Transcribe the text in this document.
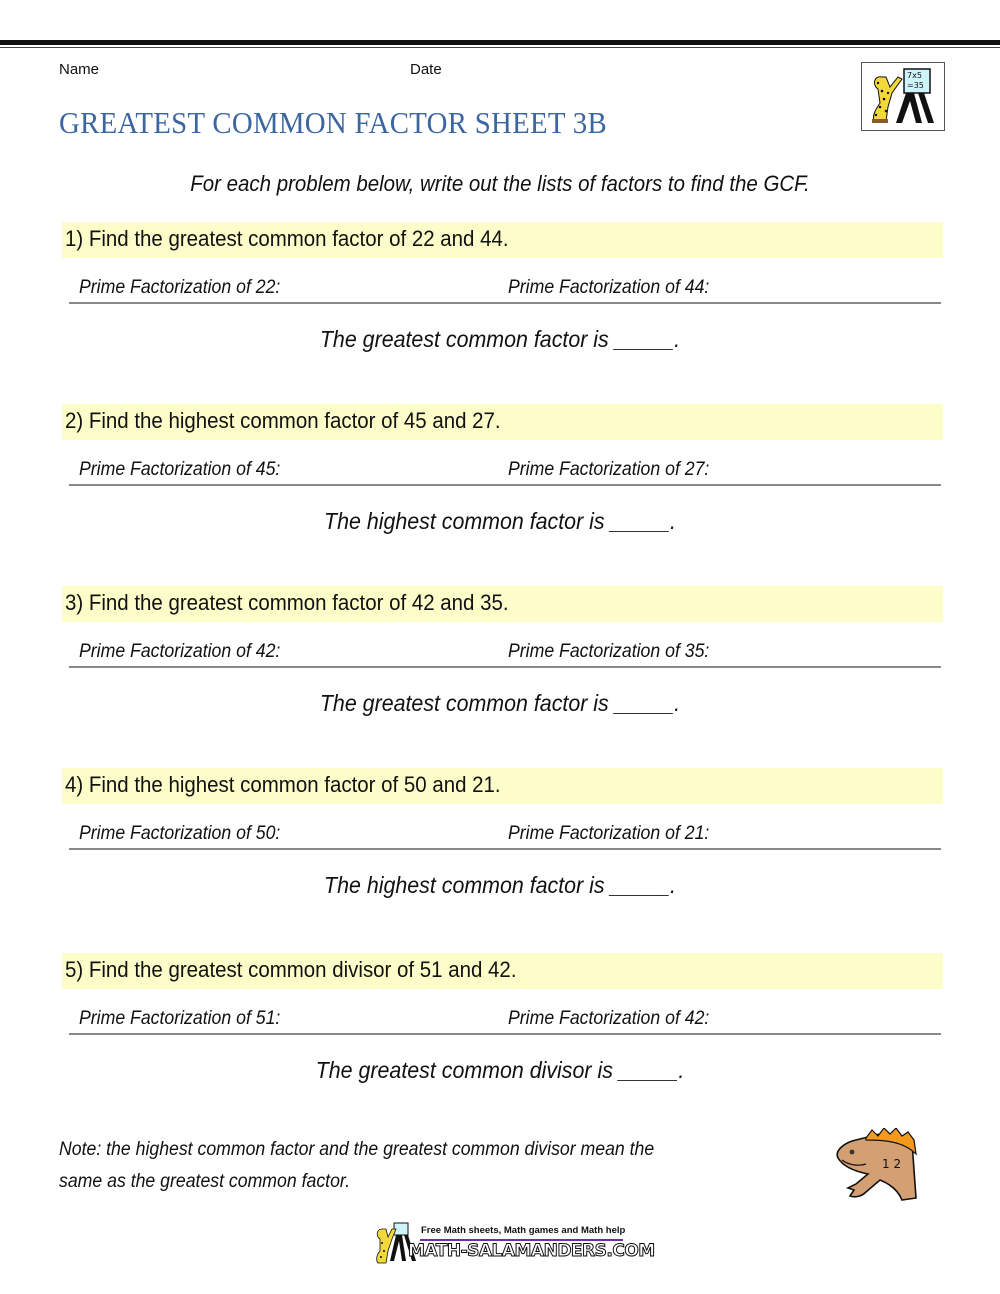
Name	Date	7x5
=35
GREATEST COMMON FACTOR SHEET 3B
For each problem below, write out the lists of factors to find the GCF.
1) Find the greatest common factor of 22 and 44.
Prime Factorization of 22:	Prime Factorization of 44:
The greatest common factor is _____.
2) Find the highest common factor of 45 and 27.
Prime Factorization of 45:	Prime Factorization of 27:
The highest common factor is _____.
3) Find the greatest common factor of 42 and 35.
Prime Factorization of 42:	Prime Factorization of 35:
The greatest common factor is _____.
4) Find the highest common factor of 50 and 21.
Prime Factorization of 50:	Prime Factorization of 21:
The highest common factor is _____.
5) Find the greatest common divisor of 51 and 42.
Prime Factorization of 51:	Prime Factorization of 42:
The greatest common divisor is _____.
Note: the highest common factor and the greatest common divisor mean the
same as the greatest common factor.
1 2
Free Math sheets, Math games and Math help
MATH-SALAMANDERS.COM
